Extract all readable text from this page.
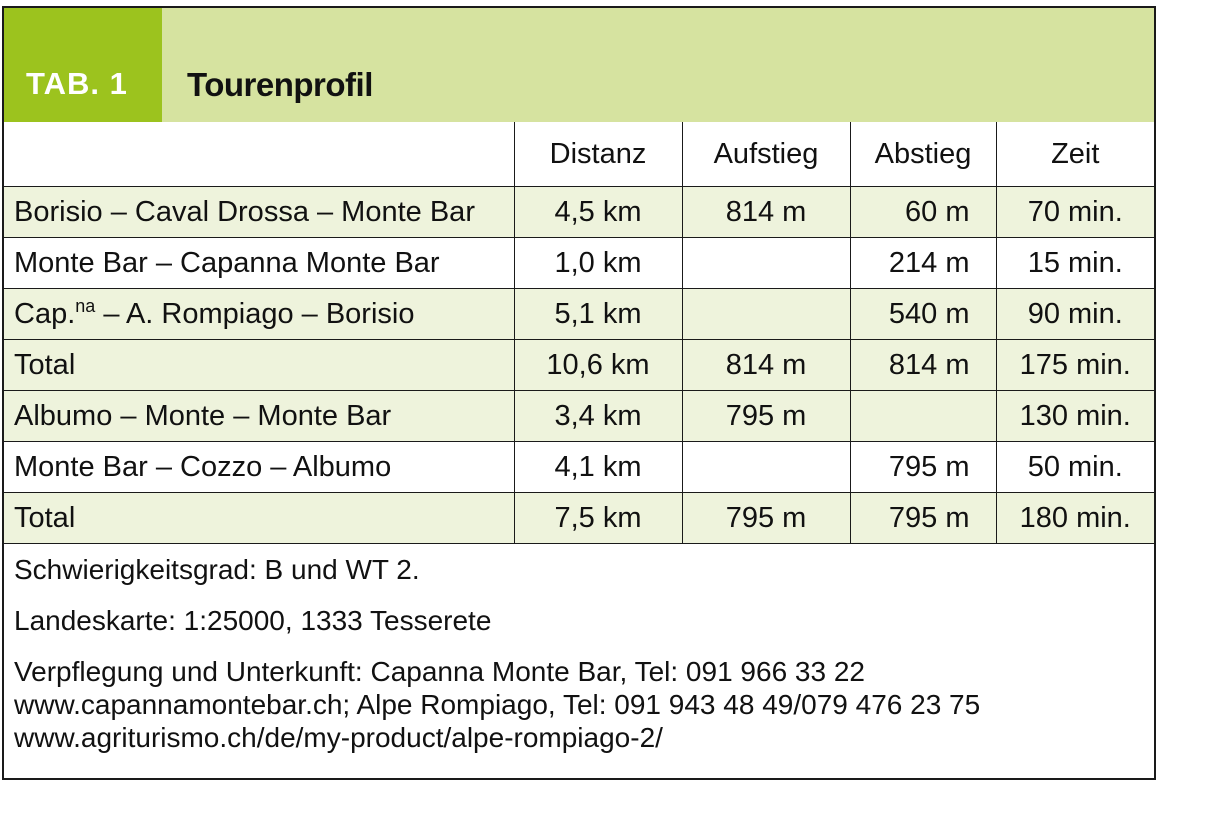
TAB. 1 Tourenprofil
	Distanz	Aufstieg	Abstieg	Zeit
Borisio – Caval Drossa – Monte Bar	4,5 km	814 m	60 m	70 min.
Monte Bar – Capanna Monte Bar	1,0 km		214 m	15 min.
Cap.$^{na}$ – A. Rompiago – Borisio	5,1 km		540 m	90 min.
Total	10,6 km	814 m	814 m	175 min.
Albumo – Monte – Monte Bar	3,4 km	795 m		130 min.
Monte Bar – Cozzo – Albumo	4,1 km		795 m	50 min.
Total	7,5 km	795 m	795 m	180 min.

Schwierigkeitsgrad: B und WT 2.

Landeskarte: 1:25000, 1333 Tesserete

Verpflegung und Unterkunft: Capanna Monte Bar, Tel: 091 966 33 22

www.capannamontebar.ch; Alpe Rompiago, Tel: 091 943 48 49/079 476 23 75

www.agriturismo.ch/de/my-product/alpe-rompiago-2/
